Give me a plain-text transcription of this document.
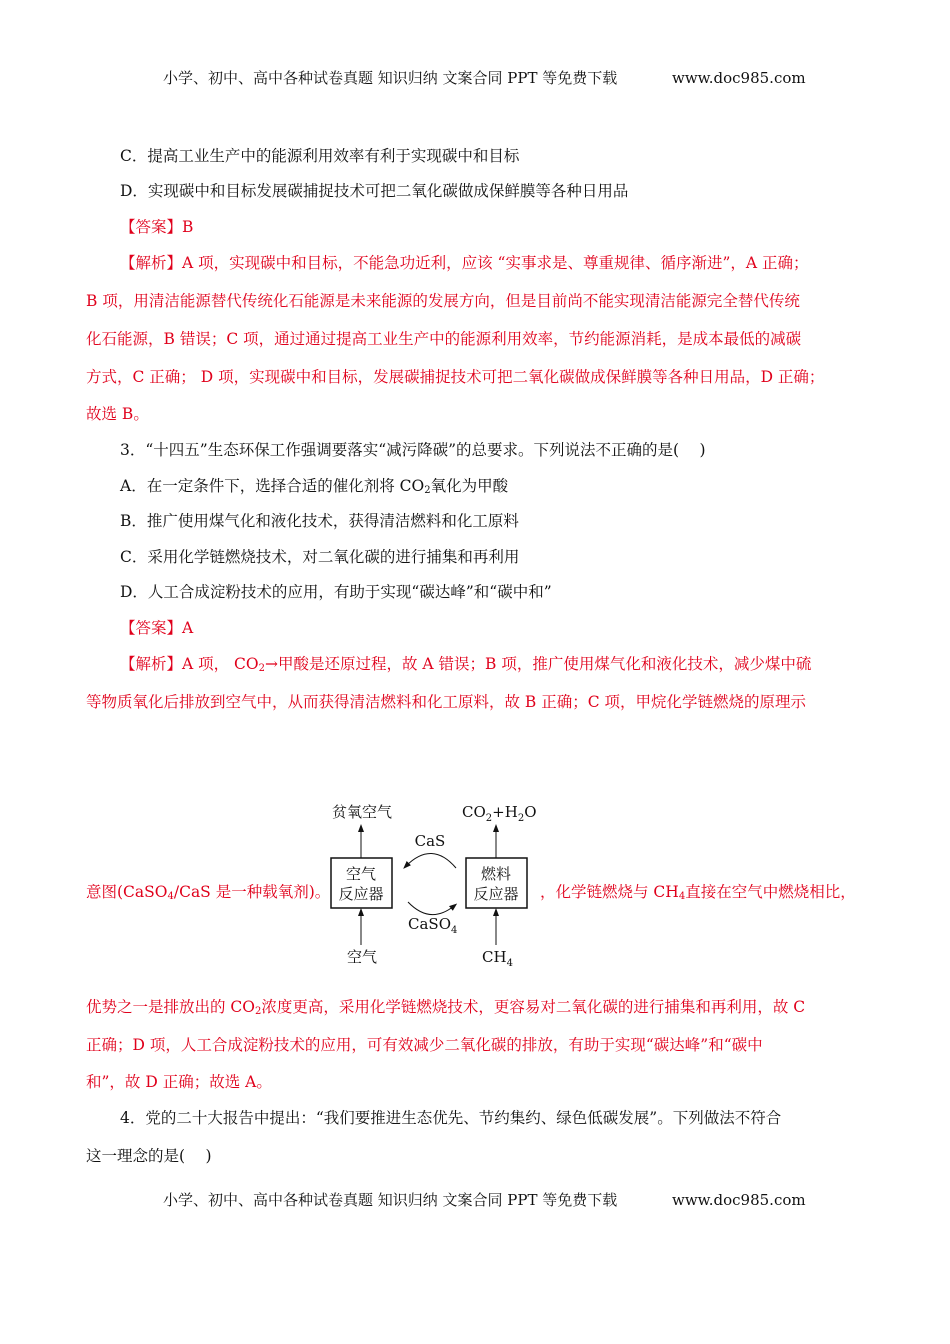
小学、初中、高中各种试卷真题 知识归纳 文案合同 PPT 等免费下载	www.doc985.com
C．提高工业生产中的能源利用效率有利于实现碳中和目标
D．实现碳中和目标发展碳捕捉技术可把二氧化碳做成保鲜膜等各种日用品
【答案】B
【解析】A 项，实现碳中和目标，不能急功近利，应该 “实事求是、尊重规律、循序渐进”，A 正确；
B 项，用清洁能源替代传统化石能源是未来能源的发展方向，但是目前尚不能实现清洁能源完全替代传统
化石能源，B 错误；C 项，通过通过提高工业生产中的能源利用效率，节约能源消耗，是成本最低的减碳
方式，C 正确； D 项，实现碳中和目标，发展碳捕捉技术可把二氧化碳做成保鲜膜等各种日用品，D 正确；
故选 B。
3．“十四五”生态环保工作强调要落实“减污降碳”的总要求。下列说法不正确的是(　 )
A．在一定条件下，选择合适的催化剂将 $CO_2$氧化为甲酸
B．推广使用煤气化和液化技术，获得清洁燃料和化工原料
C．采用化学链燃烧技术，对二氧化碳的进行捕集和再利用
D．人工合成淀粉技术的应用，有助于实现“碳达峰”和“碳中和”
【答案】A
【解析】A 项， $CO_2\to$甲酸是还原过程，故 A 错误；B 项，推广使用煤气化和液化技术，减少煤中硫
等物质氧化后排放到空气中，从而获得清洁燃料和化工原料，故 B 正确；C 项，甲烷化学链燃烧的原理示
意图(CaSO$_4$/CaS 是一种载氧剂)。	，化学链燃烧与 $CH_4$直接在空气中燃烧相比，
空气
反应器
燃料
反应器
贫氧空气	$CO_2+H_2O$
CaS
CaSO$_4$
空气	$CH_4$
优势之一是排放出的 $CO_2$浓度更高，采用化学链燃烧技术，更容易对二氧化碳的进行捕集和再利用，故 C
正确；D 项，人工合成淀粉技术的应用，可有效减少二氧化碳的排放，有助于实现“碳达峰”和“碳中
和”，故 D 正确；故选 A。
4．党的二十大报告中提出：“我们要推进生态优先、节约集约、绿色低碳发展”。下列做法不符合
这一理念的是(　 )
小学、初中、高中各种试卷真题 知识归纳 文案合同 PPT 等免费下载	www.doc985.com
